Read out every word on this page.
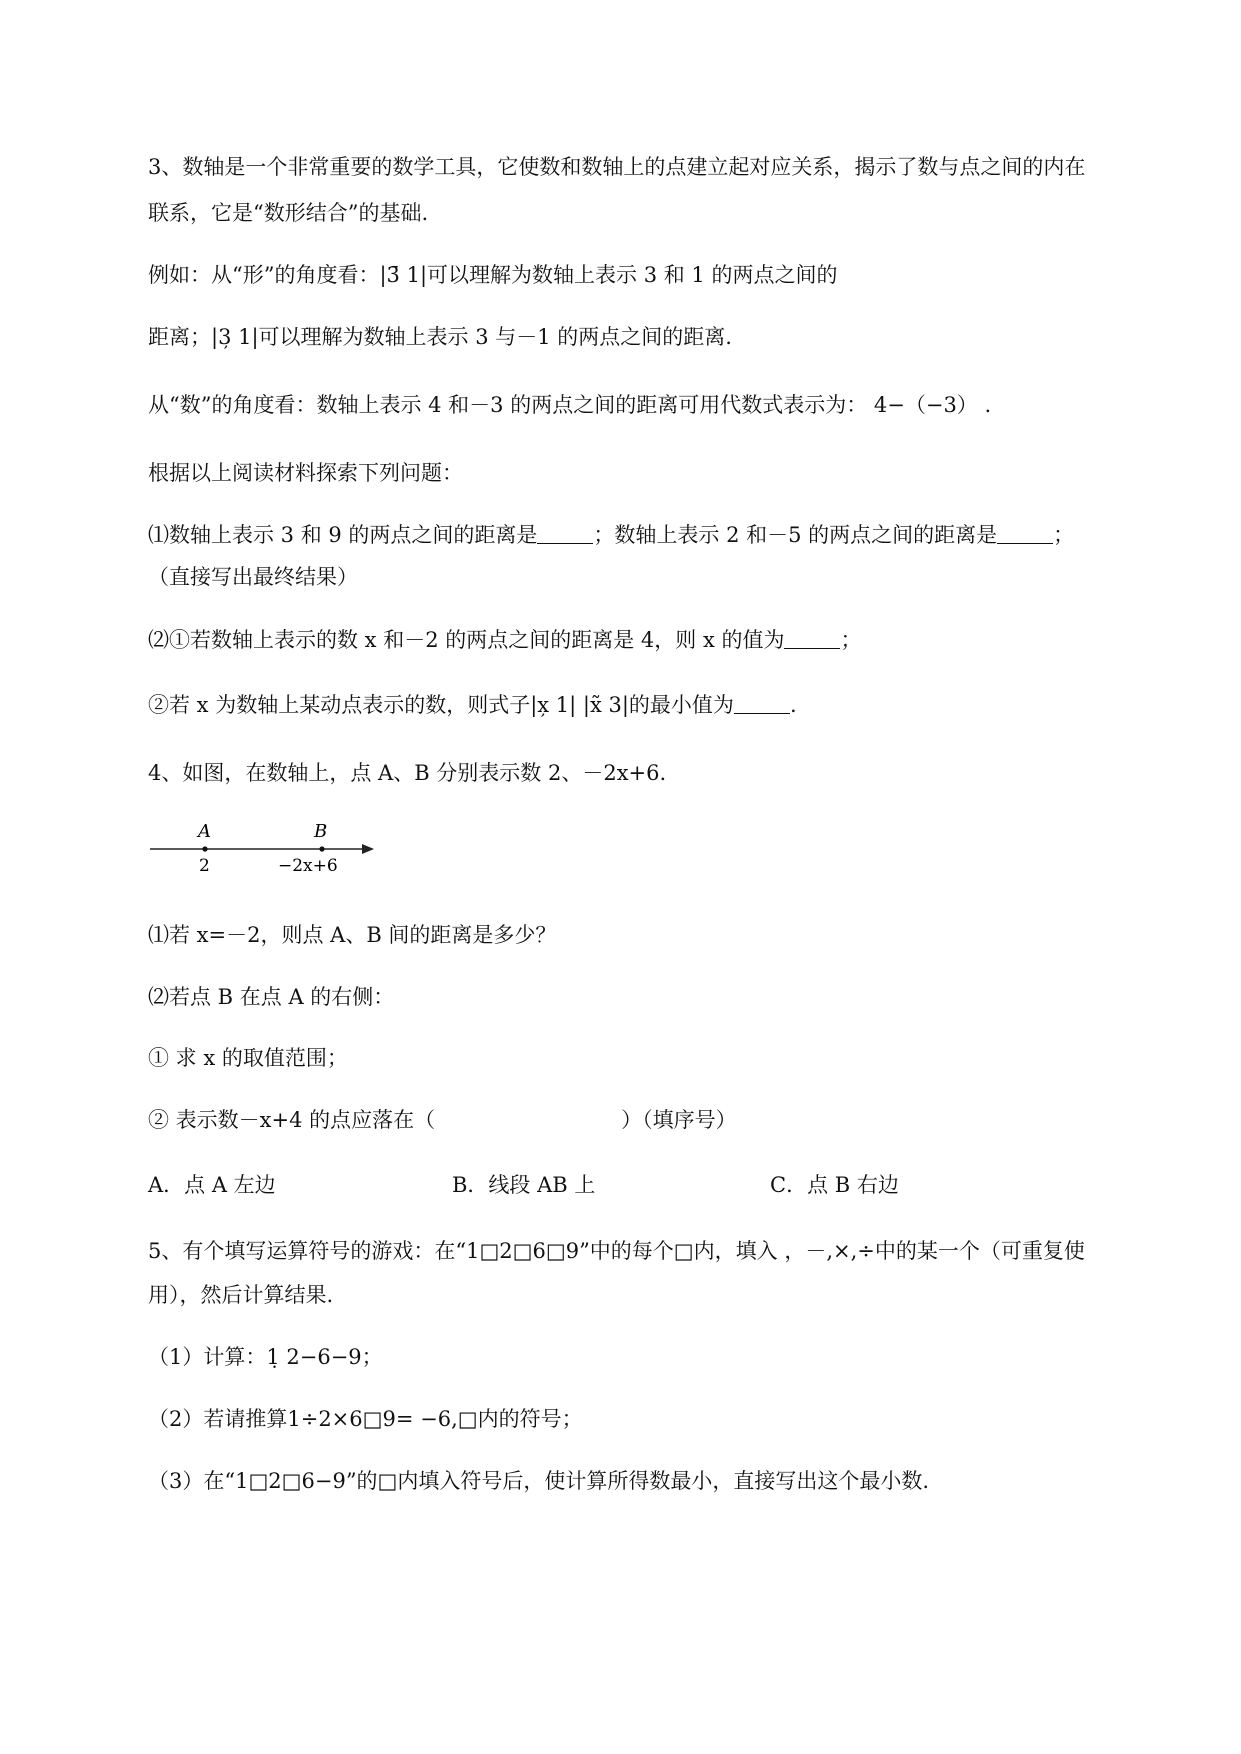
3、数轴是一个非常重要的数学工具，它使数和数轴上的点建立起对应关系，揭示了数与点之间的内在
联系，它是“数形结合”的基础.
例如：从“形”的角度看：|3̄ 1|可以理解为数轴上表示 3 和 1 的两点之间的
距离；|3̦ 1|可以理解为数轴上表示 3 与－1 的两点之间的距离.
从“数”的角度看：数轴上表示 4 和－3 的两点之间的距离可用代数式表示为： 4−（−3） .
根据以上阅读材料探索下列问题：
⑴数轴上表示 3 和 9 的两点之间的距离是	；数轴上表示 2 和－5 的两点之间的距离是	；
（直接写出最终结果）
⑵①若数轴上表示的数 x 和－2 的两点之间的距离是 4，则 x 的值为	；
②若 x 为数轴上某动点表示的数，则式子|x̦ 1| |x̃ 3|的最小值为	.
4、如图，在数轴上，点 A、B 分别表示数 2、－2x+6.
A	B
2	−2x+6
⑴若 x=－2，则点 A、B 间的距离是多少？
⑵若点 B 在点 A 的右侧：
① 求 x 的取值范围；
② 表示数－x+4 的点应落在（	）（填序号）
A．点 A 左边	B．线段 AB 上	C．点 B 右边
5、有个填写运算符号的游戏：在“1□2□6□9”中的每个□内，填入 ，－,×,÷中的某一个（可重复使
用），然后计算结果.
（1）计算：1̣ 2−6−9；
（2）若请推算1÷2×6□9= −6,□内的符号；
（3）在“1□2□6−9”的□内填入符号后，使计算所得数最小，直接写出这个最小数.
